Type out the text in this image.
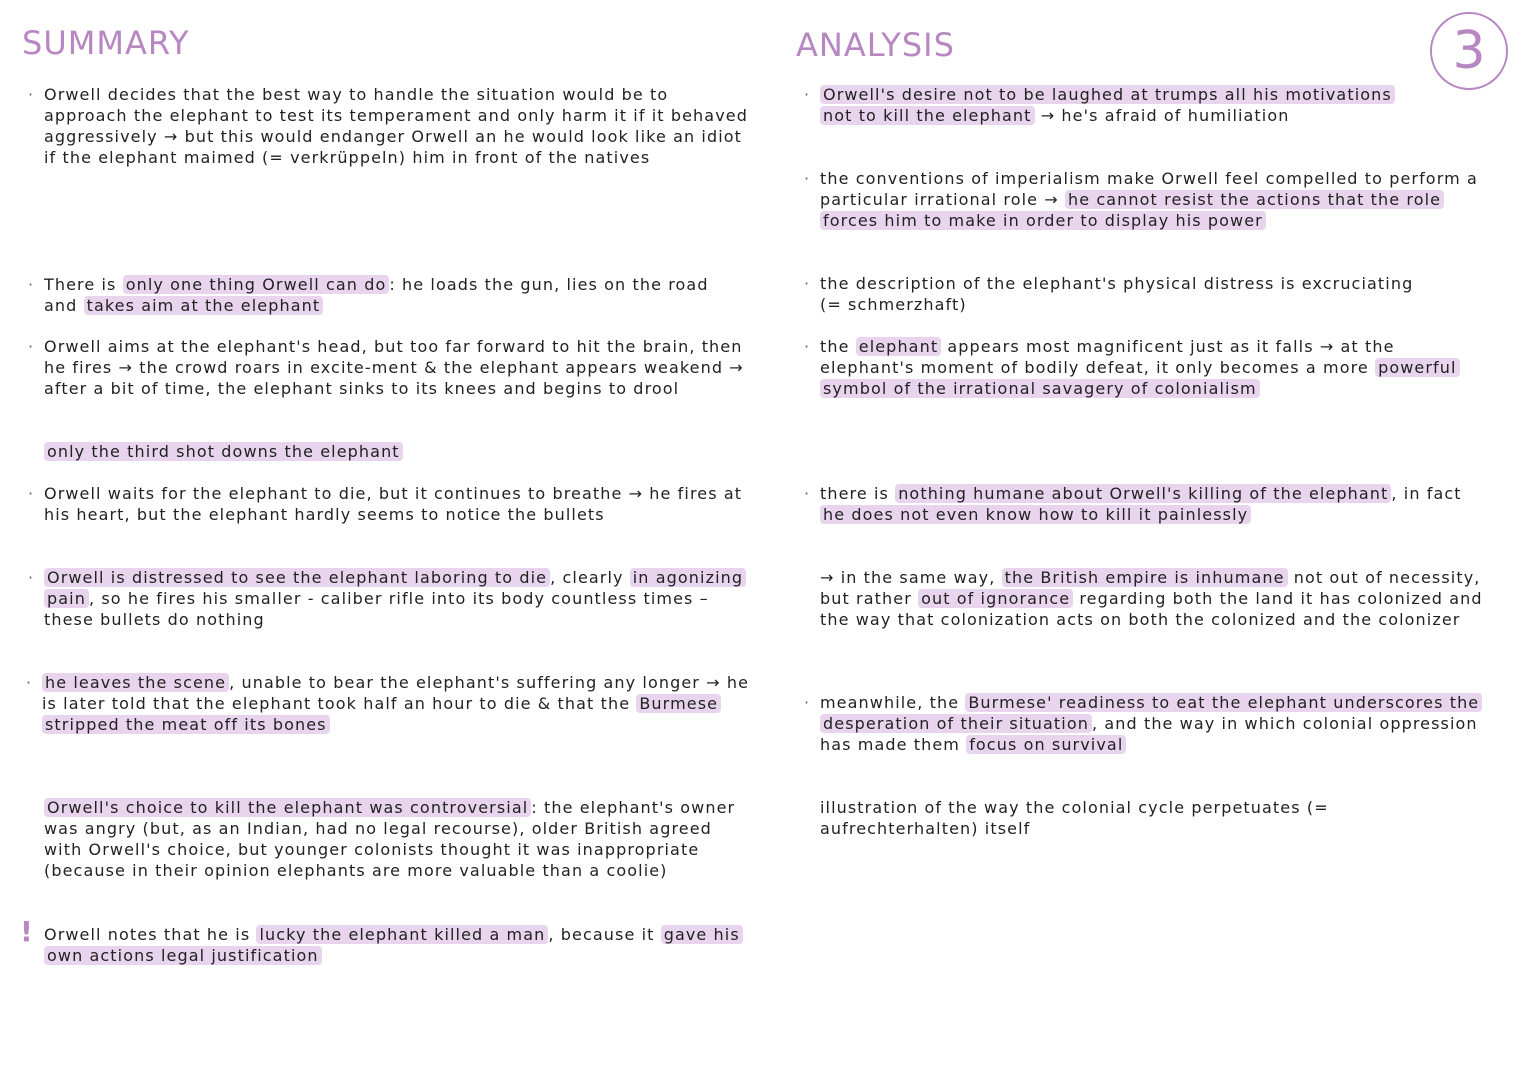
SUMMARY	ANALYSIS	3

· Orwell decides that the best way to handle the situation would be to approach the elephant to test its temperament and only harm it if it behaved aggressively → but this would endanger Orwell an he would look like an idiot if the elephant maimed (= verkrüppeln) him in front of the natives

· There is only one thing Orwell can do : he loads the gun, lies on the road and takes aim at the elephant

· Orwell aims at the elephant's head, but too far forward to hit the brain, then he fires → the crowd roars in excite-ment & the elephant appears weakend → after a bit of time, the elephant sinks to its knees and begins to drool

only the third shot downs the elephant

· Orwell waits for the elephant to die, but it continues to breathe → he fires at his heart, but the elephant hardly seems to notice the bullets

· Orwell is distressed to see the elephant laboring to die , clearly in agonizing pain , so he fires his smaller - caliber rifle into its body countless times – these bullets do nothing

· he leaves the scene , unable to bear the elephant's suffering any longer → he is later told that the elephant took half an hour to die & that the Burmese stripped the meat off its bones

Orwell's choice to kill the elephant was controversial : the elephant's owner was angry (but, as an Indian, had no legal recourse), older British agreed with Orwell's choice, but younger colonists thought it was inappropriate (because in their opinion elephants are more valuable than a coolie)

! Orwell notes that he is lucky the elephant killed a man , because it gave his own actions legal justification

· Orwell's desire not to be laughed at trumps all his motivations not to kill the elephant → he's afraid of humiliation

· the conventions of imperialism make Orwell feel compelled to perform a particular irrational role → he cannot resist the actions that the role forces him to make in order to display his power

· the description of the elephant's physical distress is excruciating (= schmerzhaft)

· the elephant appears most magnificent just as it falls → at the elephant's moment of bodily defeat, it only becomes a more powerful symbol of the irrational savagery of colonialism

· there is nothing humane about Orwell's killing of the elephant , in fact he does not even know how to kill it painlessly

→ in the same way, the British empire is inhumane not out of necessity, but rather out of ignorance regarding both the land it has colonized and the way that colonization acts on both the colonized and the colonizer

· meanwhile, the Burmese' readiness to eat the elephant underscores the desperation of their situation , and the way in which colonial oppression has made them focus on survival

illustration of the way the colonial cycle perpetuates (= aufrechterhalten) itself
